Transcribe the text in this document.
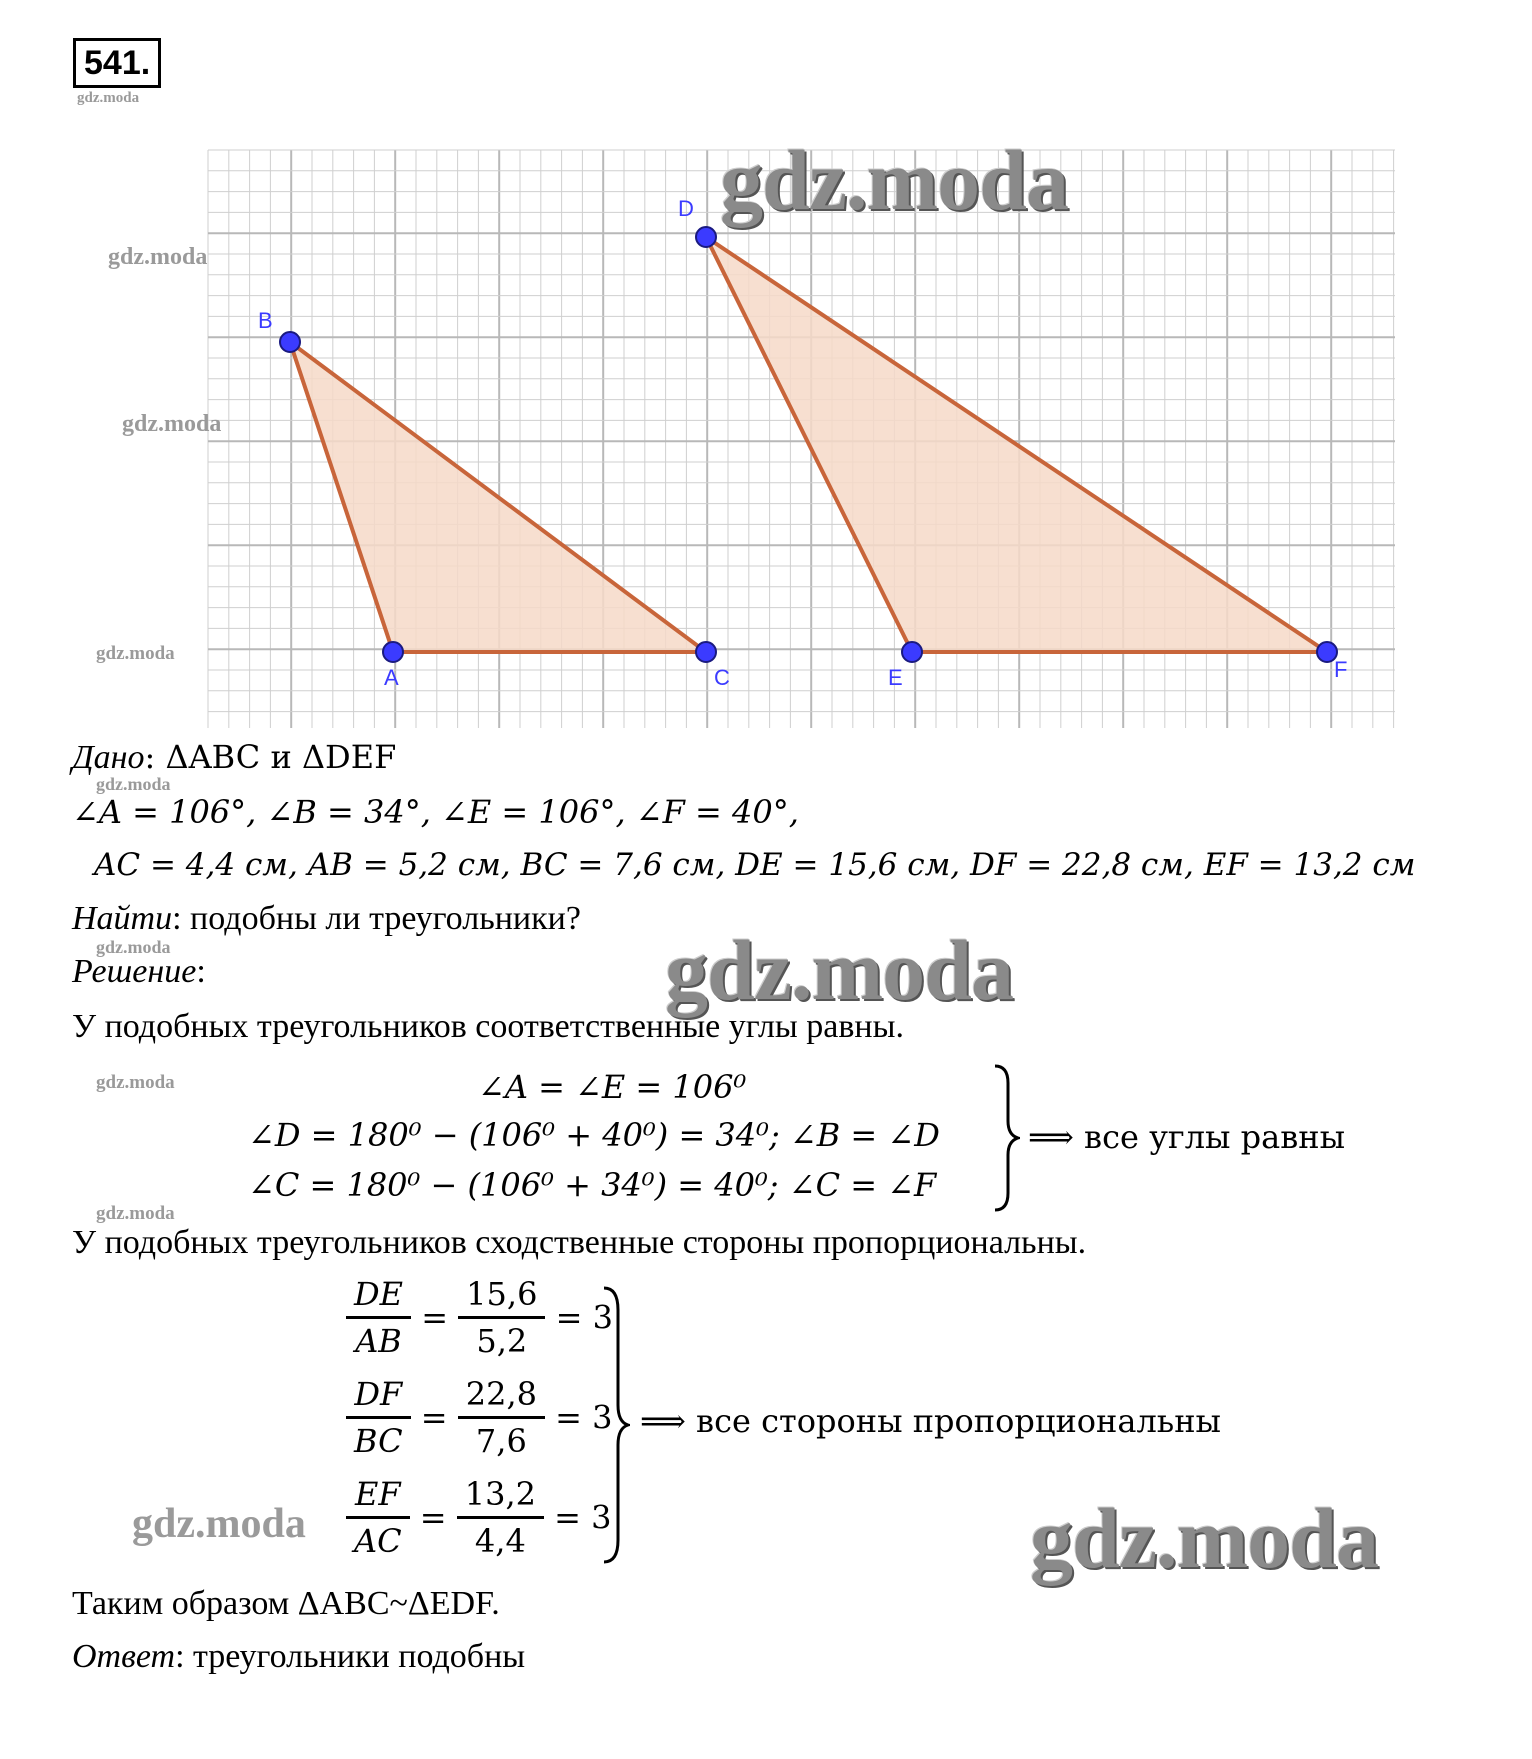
541.
gdz.moda
A
B
C
D
E	F
gdz.moda
gdz.moda
gdz.moda
gdz.moda
Дано: ΔABC и ΔDEF
gdz.moda
∠A = 106°, ∠B = 34°, ∠E = 106°, ∠F = 40°,
AC = 4,4 см, AB = 5,2 см, BC = 7,6 см, DE = 15,6 см, DF = 22,8 см, EF = 13,2 см
Найти: подобны ли треугольники?
gdz.moda
Решение:	gdz.moda
У подобных треугольников соответственные углы равны.
gdz.moda	∠A = ∠E = 106⁰
∠D = 180⁰ − (106⁰ + 40⁰) = 34⁰; ∠B = ∠D
∠C = 180⁰ − (106⁰ + 34⁰) = 40⁰; ∠C = ∠F
⟹ все углы равны
gdz.moda
У подобных треугольников сходственные стороны пропорциональны.
$\frac{DE}{AB} = \frac{15,6}{5,2} = 3$
$\frac{DF}{BC} = \frac{22,8}{7,6} = 3$
$\frac{EF}{AC} = \frac{13,2}{4,4} = 3$
⟹ все стороны пропорциональны
gdz.moda	gdz.moda
Таким образом ΔABC~ΔEDF.
Ответ: треугольники подобны
